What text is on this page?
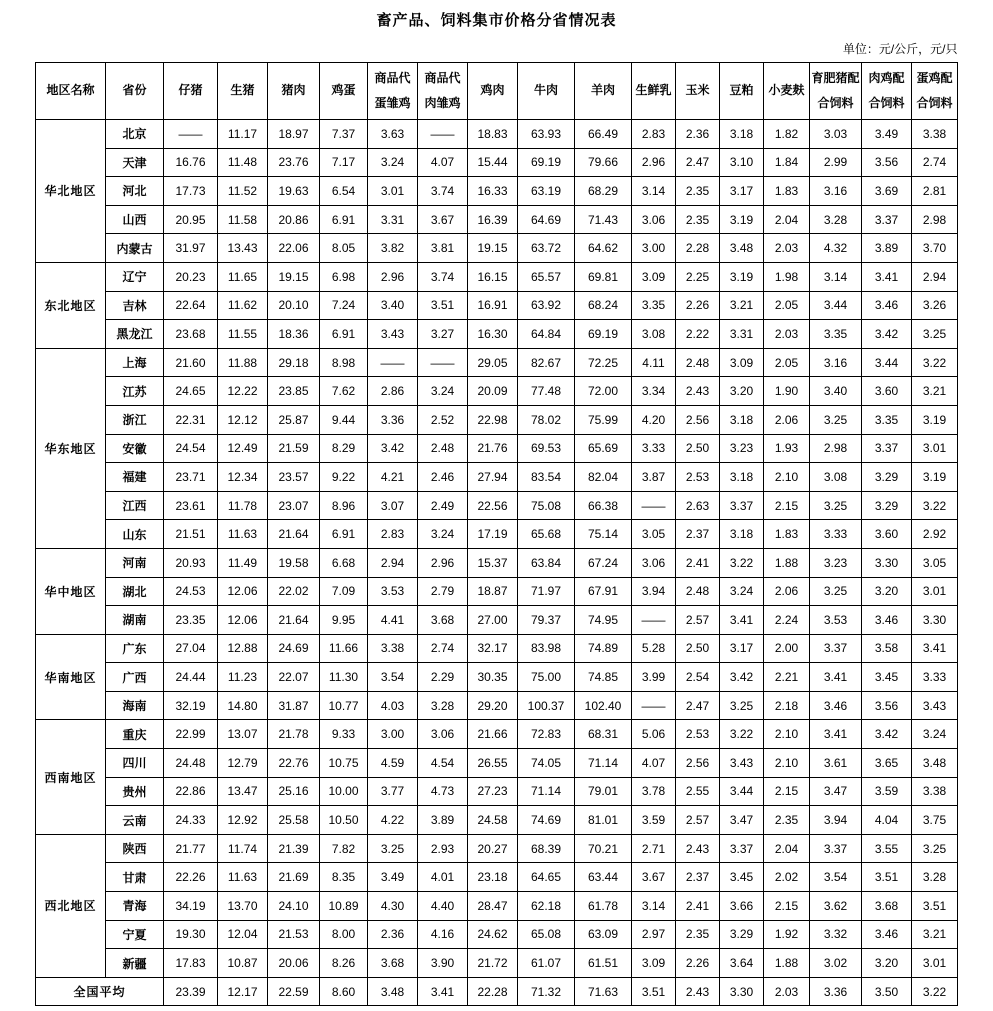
畜产品、饲料集市价格分省情况表
单位：元/公斤，元/只
地区名称	省份	仔猪	生猪	猪肉	鸡蛋	商品代蛋雏鸡	商品代肉雏鸡	鸡肉	牛肉	羊肉	生鲜乳	玉米	豆粕	小麦麸	育肥猪配合饲料	肉鸡配合饲料	蛋鸡配合饲料
华北地区	北京	——	11.17	18.97	7.37	3.63	——	18.83	63.93	66.49	2.83	2.36	3.18	1.82	3.03	3.49	3.38
	天津	16.76	11.48	23.76	7.17	3.24	4.07	15.44	69.19	79.66	2.96	2.47	3.10	1.84	2.99	3.56	2.74
	河北	17.73	11.52	19.63	6.54	3.01	3.74	16.33	63.19	68.29	3.14	2.35	3.17	1.83	3.16	3.69	2.81
	山西	20.95	11.58	20.86	6.91	3.31	3.67	16.39	64.69	71.43	3.06	2.35	3.19	2.04	3.28	3.37	2.98
	内蒙古	31.97	13.43	22.06	8.05	3.82	3.81	19.15	63.72	64.62	3.00	2.28	3.48	2.03	4.32	3.89	3.70
东北地区	辽宁	20.23	11.65	19.15	6.98	2.96	3.74	16.15	65.57	69.81	3.09	2.25	3.19	1.98	3.14	3.41	2.94
	吉林	22.64	11.62	20.10	7.24	3.40	3.51	16.91	63.92	68.24	3.35	2.26	3.21	2.05	3.44	3.46	3.26
	黑龙江	23.68	11.55	18.36	6.91	3.43	3.27	16.30	64.84	69.19	3.08	2.22	3.31	2.03	3.35	3.42	3.25
华东地区	上海	21.60	11.88	29.18	8.98	——	——	29.05	82.67	72.25	4.11	2.48	3.09	2.05	3.16	3.44	3.22
	江苏	24.65	12.22	23.85	7.62	2.86	3.24	20.09	77.48	72.00	3.34	2.43	3.20	1.90	3.40	3.60	3.21
	浙江	22.31	12.12	25.87	9.44	3.36	2.52	22.98	78.02	75.99	4.20	2.56	3.18	2.06	3.25	3.35	3.19
	安徽	24.54	12.49	21.59	8.29	3.42	2.48	21.76	69.53	65.69	3.33	2.50	3.23	1.93	2.98	3.37	3.01
	福建	23.71	12.34	23.57	9.22	4.21	2.46	27.94	83.54	82.04	3.87	2.53	3.18	2.10	3.08	3.29	3.19
	江西	23.61	11.78	23.07	8.96	3.07	2.49	22.56	75.08	66.38	——	2.63	3.37	2.15	3.25	3.29	3.22
	山东	21.51	11.63	21.64	6.91	2.83	3.24	17.19	65.68	75.14	3.05	2.37	3.18	1.83	3.33	3.60	2.92
华中地区	河南	20.93	11.49	19.58	6.68	2.94	2.96	15.37	63.84	67.24	3.06	2.41	3.22	1.88	3.23	3.30	3.05
	湖北	24.53	12.06	22.02	7.09	3.53	2.79	18.87	71.97	67.91	3.94	2.48	3.24	2.06	3.25	3.20	3.01
	湖南	23.35	12.06	21.64	9.95	4.41	3.68	27.00	79.37	74.95	——	2.57	3.41	2.24	3.53	3.46	3.30
华南地区	广东	27.04	12.88	24.69	11.66	3.38	2.74	32.17	83.98	74.89	5.28	2.50	3.17	2.00	3.37	3.58	3.41
	广西	24.44	11.23	22.07	11.30	3.54	2.29	30.35	75.00	74.85	3.99	2.54	3.42	2.21	3.41	3.45	3.33
	海南	32.19	14.80	31.87	10.77	4.03	3.28	29.20	100.37	102.40	——	2.47	3.25	2.18	3.46	3.56	3.43
西南地区	重庆	22.99	13.07	21.78	9.33	3.00	3.06	21.66	72.83	68.31	5.06	2.53	3.22	2.10	3.41	3.42	3.24
	四川	24.48	12.79	22.76	10.75	4.59	4.54	26.55	74.05	71.14	4.07	2.56	3.43	2.10	3.61	3.65	3.48
	贵州	22.86	13.47	25.16	10.00	3.77	4.73	27.23	71.14	79.01	3.78	2.55	3.44	2.15	3.47	3.59	3.38
	云南	24.33	12.92	25.58	10.50	4.22	3.89	24.58	74.69	81.01	3.59	2.57	3.47	2.35	3.94	4.04	3.75
西北地区	陕西	21.77	11.74	21.39	7.82	3.25	2.93	20.27	68.39	70.21	2.71	2.43	3.37	2.04	3.37	3.55	3.25
	甘肃	22.26	11.63	21.69	8.35	3.49	4.01	23.18	64.65	63.44	3.67	2.37	3.45	2.02	3.54	3.51	3.28
	青海	34.19	13.70	24.10	10.89	4.30	4.40	28.47	62.18	61.78	3.14	2.41	3.66	2.15	3.62	3.68	3.51
	宁夏	19.30	12.04	21.53	8.00	2.36	4.16	24.62	65.08	63.09	2.97	2.35	3.29	1.92	3.32	3.46	3.21
	新疆	17.83	10.87	20.06	8.26	3.68	3.90	21.72	61.07	61.51	3.09	2.26	3.64	1.88	3.02	3.20	3.01
全国平均		23.39	12.17	22.59	8.60	3.48	3.41	22.28	71.32	71.63	3.51	2.43	3.30	2.03	3.36	3.50	3.22
